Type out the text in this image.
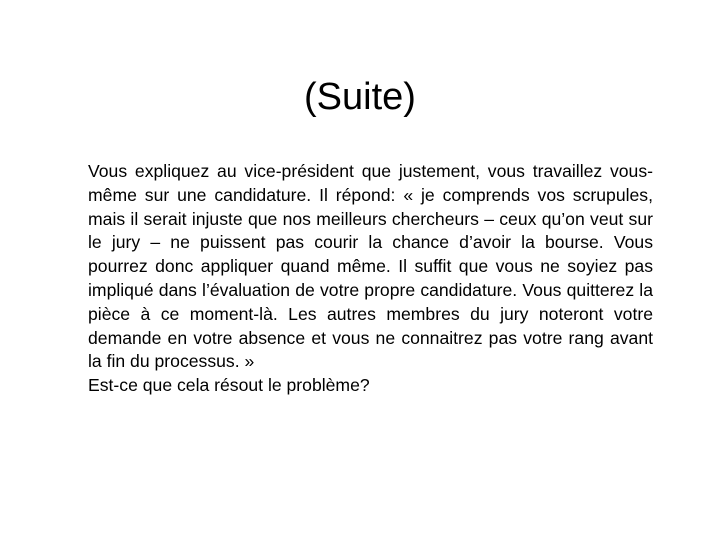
(Suite)

Vous expliquez au vice-président que justement, vous travaillez vous-même sur une candidature. Il répond: « je comprends vos scrupules, mais il serait injuste que nos meilleurs chercheurs – ceux qu’on veut sur le jury – ne puissent pas courir la chance d’avoir la bourse. Vous pourrez donc appliquer quand même. Il suffit que vous ne soyiez pas impliqué dans l’évaluation de votre propre candidature. Vous quitterez la pièce à ce moment-là. Les autres membres du jury noteront votre demande en votre absence et vous ne connaitrez pas votre rang avant la fin du processus. »

Est-ce que cela résout le problème?
